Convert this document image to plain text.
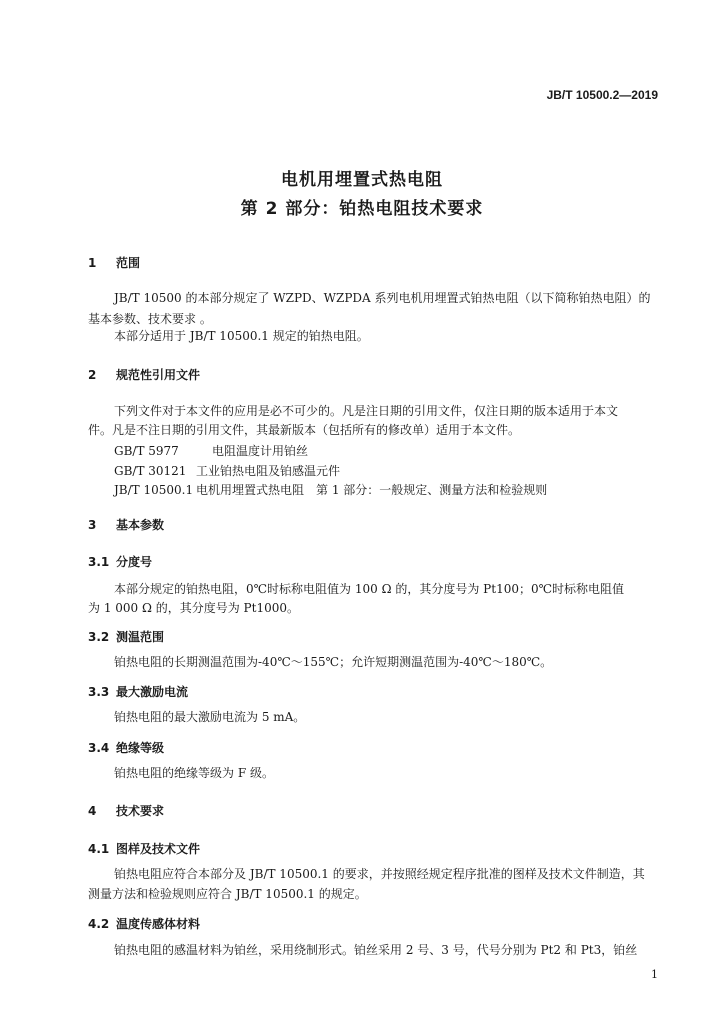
JB/T 10500.2—2019
电机用埋置式热电阻
第 2 部分：铂热电阻技术要求
1 范围
JB/T 10500 的本部分规定了 WZPD、WZPDA 系列电机用埋置式铂热电阻（以下简称铂热电阻）的
基本参数、技术要求 。
本部分适用于 JB/T 10500.1 规定的铂热电阻。
2 规范性引用文件
下列文件对于本文件的应用是必不可少的。凡是注日期的引用文件，仅注日期的版本适用于本文
件。凡是不注日期的引用文件，其最新版本（包括所有的修改单）适用于本文件。
GB/T 5977	电阻温度计用铂丝
GB/T 30121 工业铂热电阻及铂感温元件
JB/T 10500.1 电机用埋置式热电阻　第 1 部分：一般规定、测量方法和检验规则
3 基本参数
3.1 分度号
本部分规定的铂热电阻，0℃时标称电阻值为 100 Ω 的，其分度号为 Pt100；0℃时标称电阻值
为 1 000 Ω 的，其分度号为 Pt1000。
3.2 测温范围
铂热电阻的长期测温范围为-40℃～155℃；允许短期测温范围为-40℃～180℃。
3.3 最大激励电流
铂热电阻的最大激励电流为 5 mA。
3.4 绝缘等级
铂热电阻的绝缘等级为 F 级。
4 技术要求
4.1 图样及技术文件
铂热电阻应符合本部分及 JB/T 10500.1 的要求，并按照经规定程序批准的图样及技术文件制造，其
测量方法和检验规则应符合 JB/T 10500.1 的规定。
4.2 温度传感体材料
铂热电阻的感温材料为铂丝，采用绕制形式。铂丝采用 2 号、3 号，代号分别为 Pt2 和 Pt3，铂丝
1
